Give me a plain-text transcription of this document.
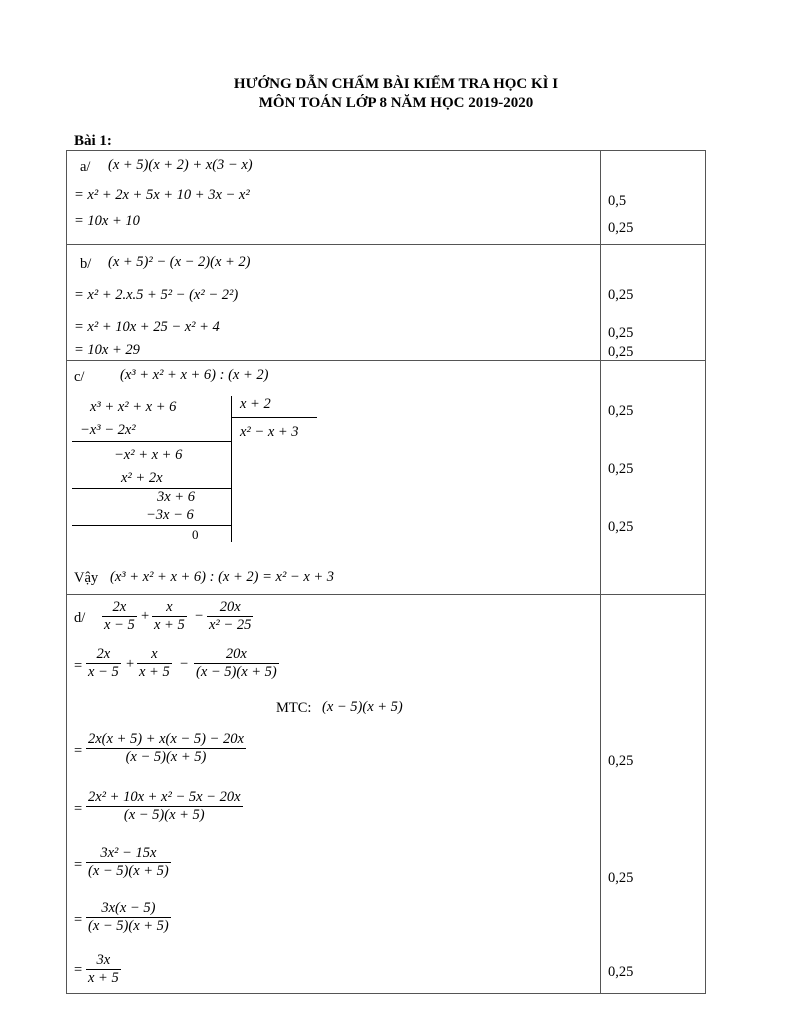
HƯỚNG DẪN CHẤM BÀI KIỂM TRA HỌC KÌ I
MÔN TOÁN LỚP 8 NĂM HỌC 2019-2020
Bài 1:
a/ (x + 5)(x + 2) + x(3 − x)
= x² + 2x + 5x + 10 + 3x − x²
= 10x + 10
0,5
0,25
b/ (x + 5)² − (x − 2)(x + 2)
= x² + 2.x.5 + 5² − (x² − 2²)
= x² + 10x + 25 − x² + 4
= 10x + 29
0,25
0,25
0,25
c/ (x³ + x² + x + 6) : (x + 2)
x³ + x² + x + 6	x + 2
x² − x + 3
−x³ − 2x²
−x² + x + 6
x² + 2x
3x + 6
−3x − 6
0
Vậy (x³ + x² + x + 6) : (x + 2) = x² − x + 3
0,25
0,25
0,25
$d/ \frac{2x}{x - 5} + \frac{x}{x + 5} - \frac{20x}{\text{x² − 25}}$
= $\frac{2x}{x - 5} + \frac{x}{x + 5} - \frac{20x}{(x - 5)(x + 5)}$
MTC: (x − 5)(x + 5)
= $\frac{2x(x + 5) + x(x - 5) - 20x}{(x - 5)(x + 5)}$
= $\frac{\text{2x² + 10x + x² − 5x − 20x}}{(x - 5)(x + 5)}$
= $\frac{\text{3x² − 15x}}{(x - 5)(x + 5)}$
= $\frac{3x(x - 5)}{(x - 5)(x + 5)}$
= $\frac{3x}{x + 5}$
0,25
0,25
0,25
